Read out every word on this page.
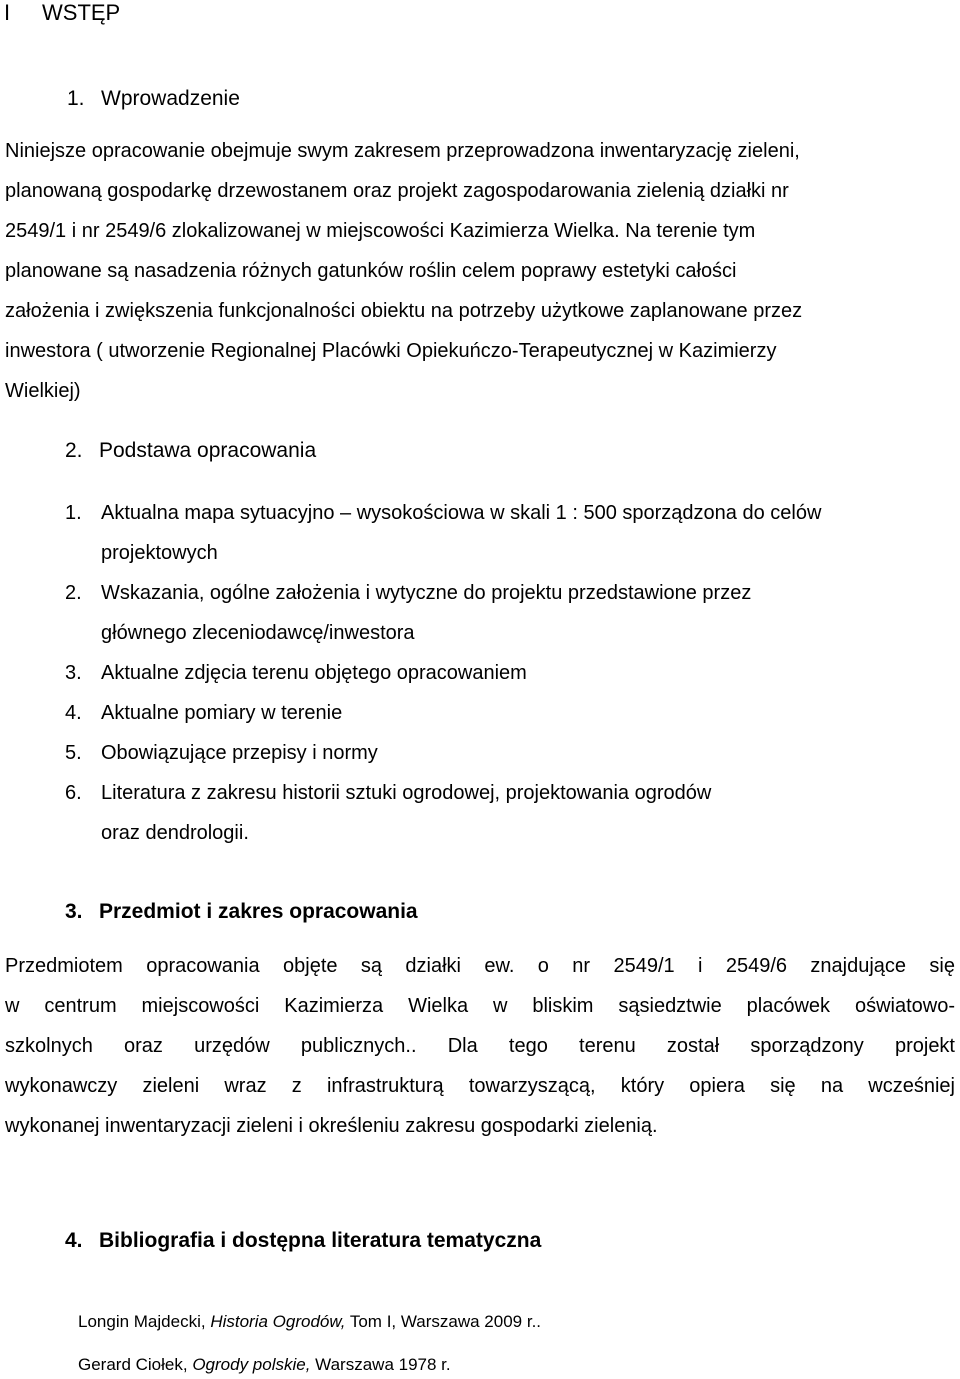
I WSTĘP
1. Wprowadzenie
Niniejsze opracowanie obejmuje swym zakresem przeprowadzona inwentaryzację zieleni,
planowaną gospodarkę drzewostanem oraz projekt zagospodarowania zielenią działki nr
2549/1 i nr 2549/6 zlokalizowanej w miejscowości Kazimierza Wielka. Na terenie tym
planowane są nasadzenia różnych gatunków roślin celem poprawy estetyki całości
założenia i zwiększenia funkcjonalności obiektu na potrzeby użytkowe zaplanowane przez
inwestora ( utworzenie Regionalnej Placówki Opiekuńczo-Terapeutycznej w Kazimierzy
Wielkiej)
2. Podstawa opracowania
1. Aktualna mapa sytuacyjno – wysokościowa w skali 1 : 500 sporządzona do celów
projektowych
2. Wskazania, ogólne założenia i wytyczne do projektu przedstawione przez
głównego zleceniodawcę/inwestora
3. Aktualne zdjęcia terenu objętego opracowaniem
4. Aktualne pomiary w terenie
5. Obowiązujące przepisy i normy
6. Literatura z zakresu historii sztuki ogrodowej, projektowania ogrodów
oraz dendrologii.
3. Przedmiot i zakres opracowania
Przedmiotem opracowania objęte są działki ew. o nr 2549/1 i 2549/6 znajdujące się
w centrum miejscowości Kazimierza Wielka w bliskim sąsiedztwie placówek oświatowo-
szkolnych oraz urzędów publicznych.. Dla tego terenu został sporządzony projekt
wykonawczy zieleni wraz z infrastrukturą towarzyszącą, który opiera się na wcześniej
wykonanej inwentaryzacji zieleni i określeniu zakresu gospodarki zielenią.
4. Bibliografia i dostępna literatura tematyczna
Longin Majdecki, Historia Ogrodów, Tom I, Warszawa 2009 r..
Gerard Ciołek, Ogrody polskie, Warszawa 1978 r.
